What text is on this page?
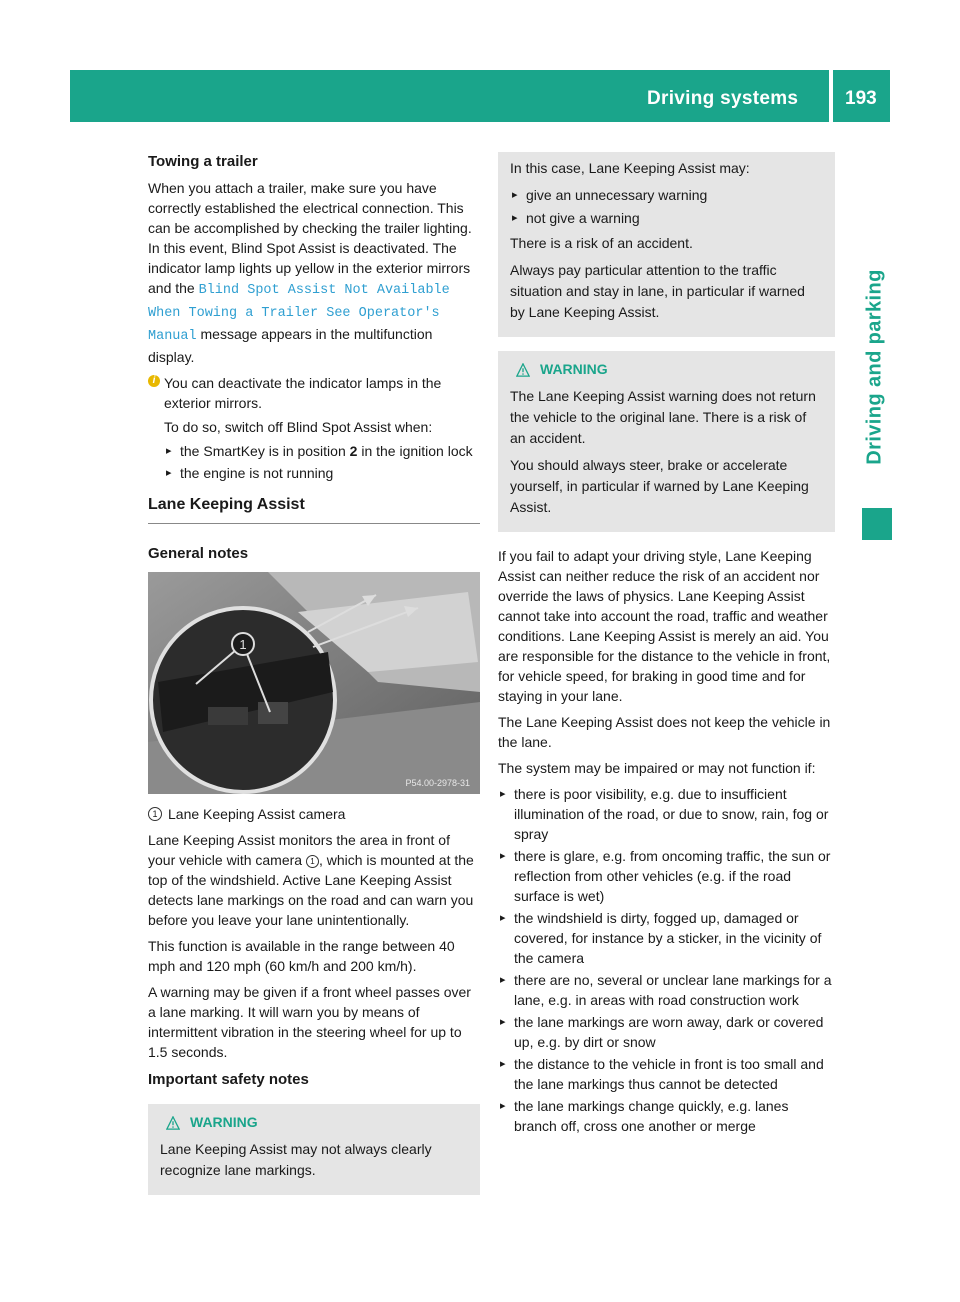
Driving systems 193
Driving and parking
Towing a trailer

When you attach a trailer, make sure you have correctly established the electrical connection. This can be accomplished by checking the trailer lighting. In this event, Blind Spot Assist is deactivated. The indicator lamp lights up yellow in the exterior mirrors and the Blind Spot Assist Not Available When Towing a Trailer See Operator's Manual message appears in the multifunction display.

i You can deactivate the indicator lamps in the exterior mirrors.

To do so, switch off Blind Spot Assist when:

▸ the SmartKey is in position 2 in the ignition lock
▸ the engine is not running
Lane Keeping Assist
General notes
1
P54.00-2978-31
1 Lane Keeping Assist camera

Lane Keeping Assist monitors the area in front of your vehicle with camera 1 , which is mounted at the top of the windshield. Active Lane Keeping Assist detects lane markings on the road and can warn you before you leave your lane unintentionally.

This function is available in the range between 40 mph and 120 mph (60 km/h and 200 km/h).

A warning may be given if a front wheel passes over a lane marking. It will warn you by means of intermittent vibration in the steering wheel for up to 1.5 seconds.

Important safety notes
WARNING

Lane Keeping Assist may not always clearly recognize lane markings.

In this case, Lane Keeping Assist may:

▸ give an unnecessary warning
▸ not give a warning

There is a risk of an accident.

Always pay particular attention to the traffic situation and stay in lane, in particular if warned by Lane Keeping Assist.

WARNING

The Lane Keeping Assist warning does not return the vehicle to the original lane. There is a risk of an accident.

You should always steer, brake or accelerate yourself, in particular if warned by Lane Keeping Assist.

If you fail to adapt your driving style, Lane Keeping Assist can neither reduce the risk of an accident nor override the laws of physics. Lane Keeping Assist cannot take into account the road, traffic and weather conditions. Lane Keeping Assist is merely an aid. You are responsible for the distance to the vehicle in front, for vehicle speed, for braking in good time and for staying in your lane.

The Lane Keeping Assist does not keep the vehicle in the lane.

The system may be impaired or may not function if:

▸ there is poor visibility, e.g. due to insufficient illumination of the road, or due to snow, rain, fog or spray
▸ there is glare, e.g. from oncoming traffic, the sun or reflection from other vehicles (e.g. if the road surface is wet)
▸ the windshield is dirty, fogged up, damaged or covered, for instance by a sticker, in the vicinity of the camera
▸ there are no, several or unclear lane markings for a lane, e.g. in areas with road construction work
▸ the lane markings are worn away, dark or covered up, e.g. by dirt or snow
▸ the distance to the vehicle in front is too small and the lane markings thus cannot be detected
▸ the lane markings change quickly, e.g. lanes branch off, cross one another or merge
